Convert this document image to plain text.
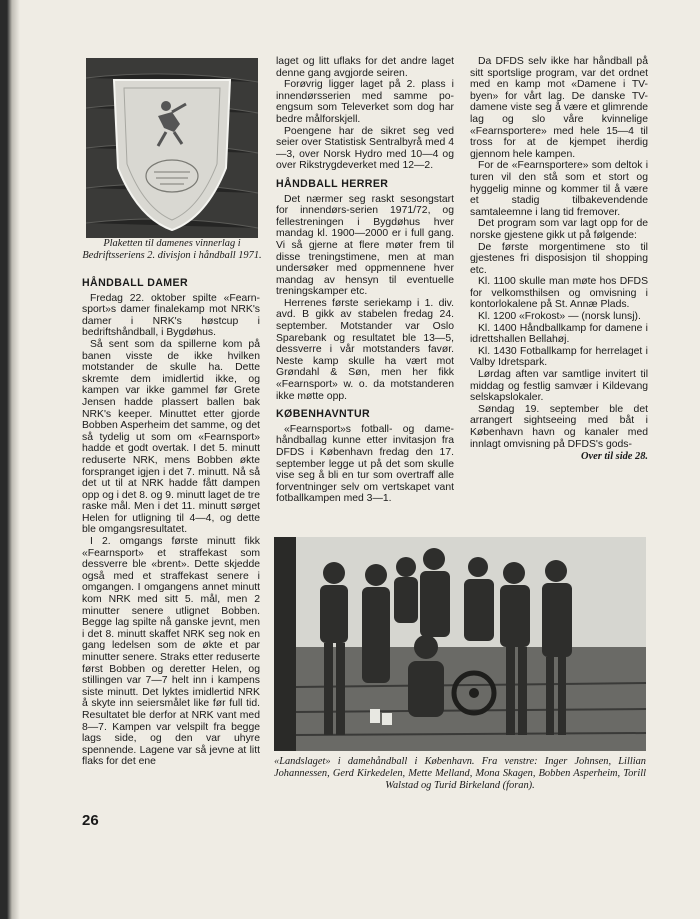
Plaketten til damenes vinnerlag i Bedriftsseriens 2. divisjon i håndball 1971.
HÅNDBALL DAMER

Fredag 22. oktober spilte «Fearnsport»s damer finalekamp mot NRK's damer i NRK's høstcup i bedriftshåndball, i Bygdøhus.

Så sent som da spillerne kom på banen visste de ikke hvilken motstander de skulle ha. Dette skremte dem imidlertid ikke, og kampen var ikke gammel før Grete Jensen hadde plassert ballen bak NRK's keeper. Minuttet etter gjorde Bobben Asperheim det samme, og det så tydelig ut som om «Fearnsport» hadde et godt overtak. I det 5. minutt reduserte NRK, mens Bobben økte forspranget igjen i det 7. minutt. Nå så det ut til at NRK hadde fått dampen opp og i det 8. og 9. minutt laget de tre raske mål. Men i det 11. minutt sørget Helen for utligning til 4—4, og dette ble omgangsresultatet.

I 2. omgangs første minutt fikk «Fearnsport» et straffekast som dessverre ble «brent». Dette skjedde også med et straffekast senere i omgangen. I omgangens annet minutt kom NRK med sitt 5. mål, men 2 minutter senere utlignet Bobben. Begge lag spilte nå ganske jevnt, men i det 8. minutt skaffet NRK seg nok en gang ledelsen som de økte et par minutter senere. Straks etter reduserte først Bobben og deretter Helen, og stillingen var 7—7 helt inn i kampens siste minutt. Det lyktes imidlertid NRK å skyte inn seiersmålet like før full tid. Resultatet ble derfor at NRK vant med 8—7. Kampen var velspilt fra begge lags side, og den var uhyre spennende. Lagene var så jevne at litt flaks for det ene

laget og litt uflaks for det andre laget denne gang avgjorde seiren.

Forøvrig ligger laget på 2. plass i innendørsserien med samme poengsum som Televerket som dog har bedre målforskjell.

Poengene har de sikret seg ved seier over Statistisk Sentralbyrå med 4—3, over Norsk Hydro med 10—4 og over Rikstrygdeverket med 12—2.

HÅNDBALL HERRER

Det nærmer seg raskt sesongstart for innendørs-serien 1971/72, og fellestreningen i Bygdøhus hver mandag kl. 1900—2000 er i full gang. Vi så gjerne at flere møter frem til disse treningstimene, men at man undersøker med oppmennene hver mandag av hensyn til eventuelle treningskamper etc.

Herrenes første seriekamp i 1. div. avd. B gikk av stabelen fredag 24. september. Motstander var Oslo Sparebank og resultatet ble 13—5, dessverre i vår motstanders favør. Neste kamp skulle ha vært mot Grøndahl & Søn, men her fikk «Fearnsport» w. o. da motstanderen ikke møtte opp.

KØBENHAVNTUR

«Fearnsport»s fotball- og damehåndballag kunne etter invitasjon fra DFDS i København fredag den 17. september legge ut på det som skulle vise seg å bli en tur som overtraff alle forventninger selv om vertskapet vant fotballkampen med 3—1.

Da DFDS selv ikke har håndball på sitt sportslige program, var det ordnet med en kamp mot «Damene i TV-byen» for vårt lag. De danske TV-damene viste seg å være et glimrende lag og slo våre kvinnelige «Fearnsportere» med hele 15—4 til tross for at de kjempet iherdig gjennom hele kampen.

For de «Fearnsportere» som deltok i turen vil den stå som et stort og hyggelig minne og kommer til å være et stadig tilbakevendende samtaleemne i lang tid fremover.

Det program som var lagt opp for de norske gjestene gikk ut på følgende:

De første morgentimene sto til gjestenes fri disposisjon til shopping etc.

Kl. 1100 skulle man møte hos DFDS for velkomsthilsen og omvisning i kontorlokalene på St. Annæ Plads.

Kl. 1200 «Frokost» — (norsk lunsj).

Kl. 1400 Håndballkamp for damene i idrettshallen Bellahøj.

Kl. 1430 Fotballkamp for herrelaget i Valby Idretspark.

Lørdag aften var samtlige invitert til middag og festlig samvær i Kildevang selskapslokaler.

Søndag 19. september ble det arrangert sightseeing med båt i København havn og kanaler med innlagt omvisning på DFDS's gods-

Over til side 28.
«Landslaget» i damehåndball i København. Fra venstre: Inger Johnsen, Lillian Johannessen, Gerd Kirkedelen, Mette Melland, Mona Skagen, Bobben Asperheim, Torill Walstad og Turid Birkeland (foran).
26
